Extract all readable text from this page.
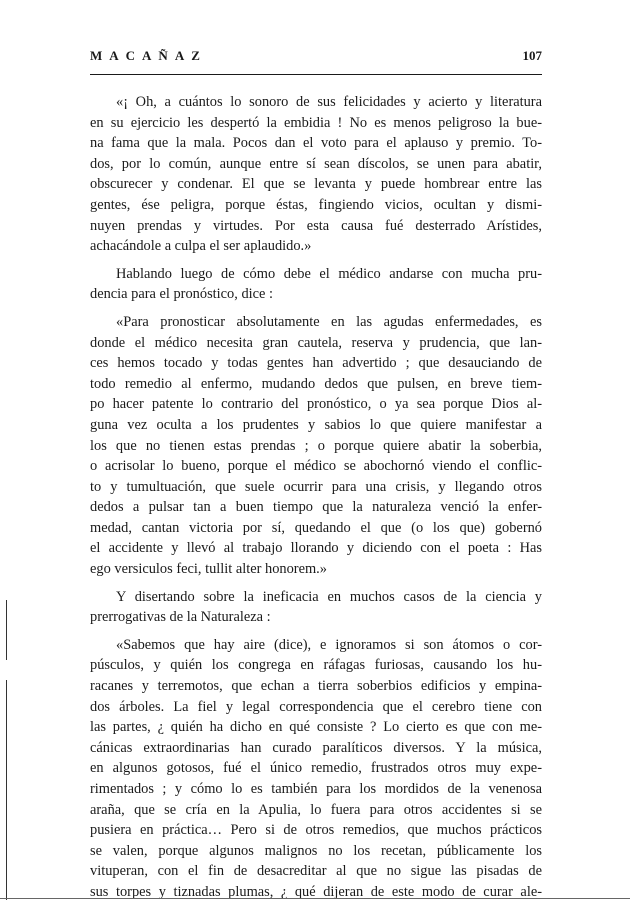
MACAÑAZ	107

«¡ Oh, a cuántos lo sonoro de sus felicidades y acierto y literatura
en su ejercicio les despertó la embidia ! No es menos peligroso la bue-
na fama que la mala. Pocos dan el voto para el aplauso y premio. To-
dos, por lo común, aunque entre sí sean díscolos, se unen para abatir,
obscurecer y condenar. El que se levanta y puede hombrear entre las
gentes, ése peligra, porque éstas, fingiendo vicios, ocultan y dismi-
nuyen prendas y virtudes. Por esta causa fué desterrado Arístides,
achacándole a culpa el ser aplaudido.»

Hablando luego de cómo debe el médico andarse con mucha pru-
dencia para el pronóstico, dice :

«Para pronosticar absolutamente en las agudas enfermedades, es
donde el médico necesita gran cautela, reserva y prudencia, que lan-
ces hemos tocado y todas gentes han advertido ; que desauciando de
todo remedio al enfermo, mudando dedos que pulsen, en breve tiem-
po hacer patente lo contrario del pronóstico, o ya sea porque Dios al-
guna vez oculta a los prudentes y sabios lo que quiere manifestar a
los que no tienen estas prendas ; o porque quiere abatir la soberbia,
o acrisolar lo bueno, porque el médico se abochornó viendo el conflic-
to y tumultuación, que suele ocurrir para una crisis, y llegando otros
dedos a pulsar tan a buen tiempo que la naturaleza venció la enfer-
medad, cantan victoria por sí, quedando el que (o los que) gobernó
el accidente y llevó al trabajo llorando y diciendo con el poeta : Has
ego versiculos feci, tullit alter honorem.»

Y disertando sobre la ineficacia en muchos casos de la ciencia y
prerrogativas de la Naturaleza :

«Sabemos que hay aire (dice), e ignoramos si son átomos o cor-
púsculos, y quién los congrega en ráfagas furiosas, causando los hu-
racanes y terremotos, que echan a tierra soberbios edificios y empina-
dos árboles. La fiel y legal correspondencia que el cerebro tiene con
las partes, ¿ quién ha dicho en qué consiste ? Lo cierto es que con me-
cánicas extraordinarias han curado paralíticos diversos. Y la música,
en algunos gotosos, fué el único remedio, frustrados otros muy expe-
rimentados ; y cómo lo es también para los mordidos de la venenosa
araña, que se cría en la Apulia, lo fuera para otros accidentes si se
pusiera en práctica… Pero si de otros remedios, que muchos prácticos
se valen, porque algunos malignos no los recetan, públicamente los
vituperan, con el fin de desacreditar al que no sigue las pisadas de
sus torpes y tiznadas plumas, ¿ qué dijeran de este modo de curar ale-
